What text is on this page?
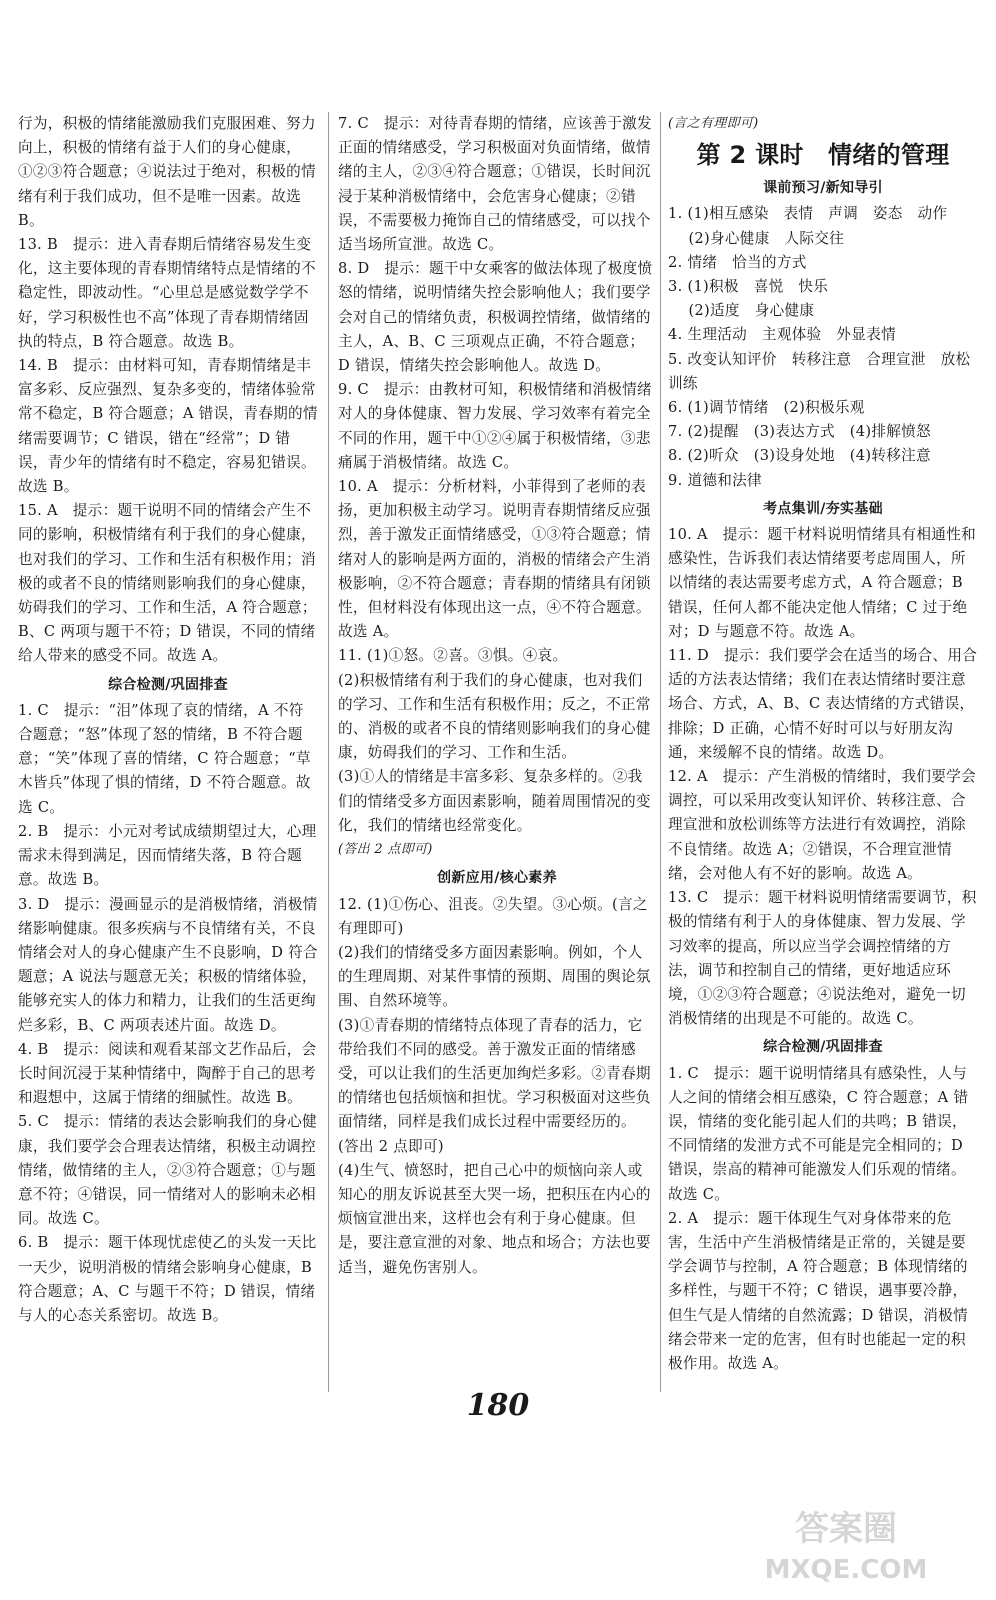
行为，积极的情绪能激励我们克服困难、努力向上，积极的情绪有益于人们的身心健康，①②③符合题意；④说法过于绝对，积极的情绪有利于我们成功，但不是唯一因素。故选 B。

13. B　提示：进入青春期后情绪容易发生变化，这主要体现的青春期情绪特点是情绪的不稳定性，即波动性。“心里总是感觉数学学不好，学习积极性也不高”体现了青春期情绪固执的特点，B 符合题意。故选 B。

14. B　提示：由材料可知，青春期情绪是丰富多彩、反应强烈、复杂多变的，情绪体验常常不稳定，B 符合题意；A 错误，青春期的情绪需要调节；C 错误，错在“经常”；D 错误，青少年的情绪有时不稳定，容易犯错误。故选 B。

15. A　提示：题干说明不同的情绪会产生不同的影响，积极情绪有利于我们的身心健康，也对我们的学习、工作和生活有积极作用；消极的或者不良的情绪则影响我们的身心健康，妨碍我们的学习、工作和生活，A 符合题意；B、C 两项与题干不符；D 错误，不同的情绪给人带来的感受不同。故选 A。

综合检测/巩固排查

1. C　提示：“泪”体现了哀的情绪，A 不符合题意；“怒”体现了怒的情绪，B 不符合题意；“笑”体现了喜的情绪，C 符合题意；“草木皆兵”体现了惧的情绪，D 不符合题意。故选 C。

2. B　提示：小元对考试成绩期望过大，心理需求未得到满足，因而情绪失落，B 符合题意。故选 B。

3. D　提示：漫画显示的是消极情绪，消极情绪影响健康。很多疾病与不良情绪有关，不良情绪会对人的身心健康产生不良影响，D 符合题意；A 说法与题意无关；积极的情绪体验，能够充实人的体力和精力，让我们的生活更绚烂多彩，B、C 两项表述片面。故选 D。

4. B　提示：阅读和观看某部文艺作品后，会长时间沉浸于某种情绪中，陶醉于自己的思考和遐想中，这属于情绪的细腻性。故选 B。

5. C　提示：情绪的表达会影响我们的身心健康，我们要学会合理表达情绪，积极主动调控情绪，做情绪的主人，②③符合题意；①与题意不符；④错误，同一情绪对人的影响未必相同。故选 C。

6. B　提示：题干体现忧虑使乙的头发一天比一天少，说明消极的情绪会影响身心健康，B 符合题意；A、C 与题干不符；D 错误，情绪与人的心态关系密切。故选 B。

7. C　提示：对待青春期的情绪，应该善于激发正面的情绪感受，学习积极面对负面情绪，做情绪的主人，②③④符合题意；①错误，长时间沉浸于某种消极情绪中，会危害身心健康；②错误，不需要极力掩饰自己的情绪感受，可以找个适当场所宣泄。故选 C。

8. D　提示：题干中女乘客的做法体现了极度愤怒的情绪，说明情绪失控会影响他人；我们要学会对自己的情绪负责，积极调控情绪，做情绪的主人，A、B、C 三项观点正确，不符合题意；D 错误，情绪失控会影响他人。故选 D。

9. C　提示：由教材可知，积极情绪和消极情绪对人的身体健康、智力发展、学习效率有着完全不同的作用，题干中①②④属于积极情绪，③悲痛属于消极情绪。故选 C。

10. A　提示：分析材料，小菲得到了老师的表扬，更加积极主动学习。说明青春期情绪反应强烈，善于激发正面情绪感受，①③符合题意；情绪对人的影响是两方面的，消极的情绪会产生消极影响，②不符合题意；青春期的情绪具有闭锁性，但材料没有体现出这一点，④不符合题意。故选 A。

11. (1)①怒。②喜。③惧。④哀。

(2)积极情绪有利于我们的身心健康，也对我们的学习、工作和生活有积极作用；反之，不正常的、消极的或者不良的情绪则影响我们的身心健康，妨碍我们的学习、工作和生活。

(3)①人的情绪是丰富多彩、复杂多样的。②我们的情绪受多方面因素影响，随着周围情况的变化，我们的情绪也经常变化。

(答出 2 点即可)

创新应用/核心素养

12. (1)①伤心、沮丧。②失望。③心烦。(言之有理即可)

(2)我们的情绪受多方面因素影响。例如，个人的生理周期、对某件事情的预期、周围的舆论氛围、自然环境等。

(3)①青春期的情绪特点体现了青春的活力，它带给我们不同的感受。善于激发正面的情绪感受，可以让我们的生活更加绚烂多彩。②青春期的情绪也包括烦恼和担忧。学习积极面对这些负面情绪，同样是我们成长过程中需要经历的。(答出 2 点即可)

(4)生气、愤怒时，把自己心中的烦恼向亲人或知心的朋友诉说甚至大哭一场，把积压在内心的烦恼宣泄出来，这样也会有利于身心健康。但是，要注意宣泄的对象、地点和场合；方法也要适当，避免伤害别人。

(言之有理即可)

第 2 课时　情绪的管理
课前预习/新知导引

1. (1)相互感染　表情　声调　姿态　动作

(2)身心健康　人际交往

2. 情绪　恰当的方式

3. (1)积极　喜悦　快乐

(2)适度　身心健康

4. 生理活动　主观体验　外显表情

5. 改变认知评价　转移注意　合理宣泄　放松训练

6. (1)调节情绪　(2)积极乐观

7. (2)提醒　(3)表达方式　(4)排解愤怒

8. (2)听众　(3)设身处地　(4)转移注意

9. 道德和法律

考点集训/夯实基础

10. A　提示：题干材料说明情绪具有相通性和感染性，告诉我们表达情绪要考虑周围人，所以情绪的表达需要考虑方式，A 符合题意；B 错误，任何人都不能决定他人情绪；C 过于绝对；D 与题意不符。故选 A。

11. D　提示：我们要学会在适当的场合、用合适的方法表达情绪；我们在表达情绪时要注意场合、方式，A、B、C 表达情绪的方式错误，排除；D 正确，心情不好时可以与好朋友沟通，来缓解不良的情绪。故选 D。

12. A　提示：产生消极的情绪时，我们要学会调控，可以采用改变认知评价、转移注意、合理宣泄和放松训练等方法进行有效调控，消除不良情绪。故选 A；②错误，不合理宣泄情绪，会对他人有不好的影响。故选 A。

13. C　提示：题干材料说明情绪需要调节，积极的情绪有利于人的身体健康、智力发展、学习效率的提高，所以应当学会调控情绪的方法，调节和控制自己的情绪，更好地适应环境，①②③符合题意；④说法绝对，避免一切消极情绪的出现是不可能的。故选 C。

综合检测/巩固排查

1. C　提示：题干说明情绪具有感染性，人与人之间的情绪会相互感染，C 符合题意；A 错误，情绪的变化能引起人们的共鸣；B 错误，不同情绪的发泄方式不可能是完全相同的；D 错误，崇高的精神可能激发人们乐观的情绪。故选 C。

2. A　提示：题干体现生气对身体带来的危害，生活中产生消极情绪是正常的，关键是要学会调节与控制，A 符合题意；B 体现情绪的多样性，与题干不符；C 错误，遇事要冷静，但生气是人情绪的自然流露；D 错误，消极情绪会带来一定的危害，但有时也能起一定的积极作用。故选 A。

180
答案圈
MXQE.COM
